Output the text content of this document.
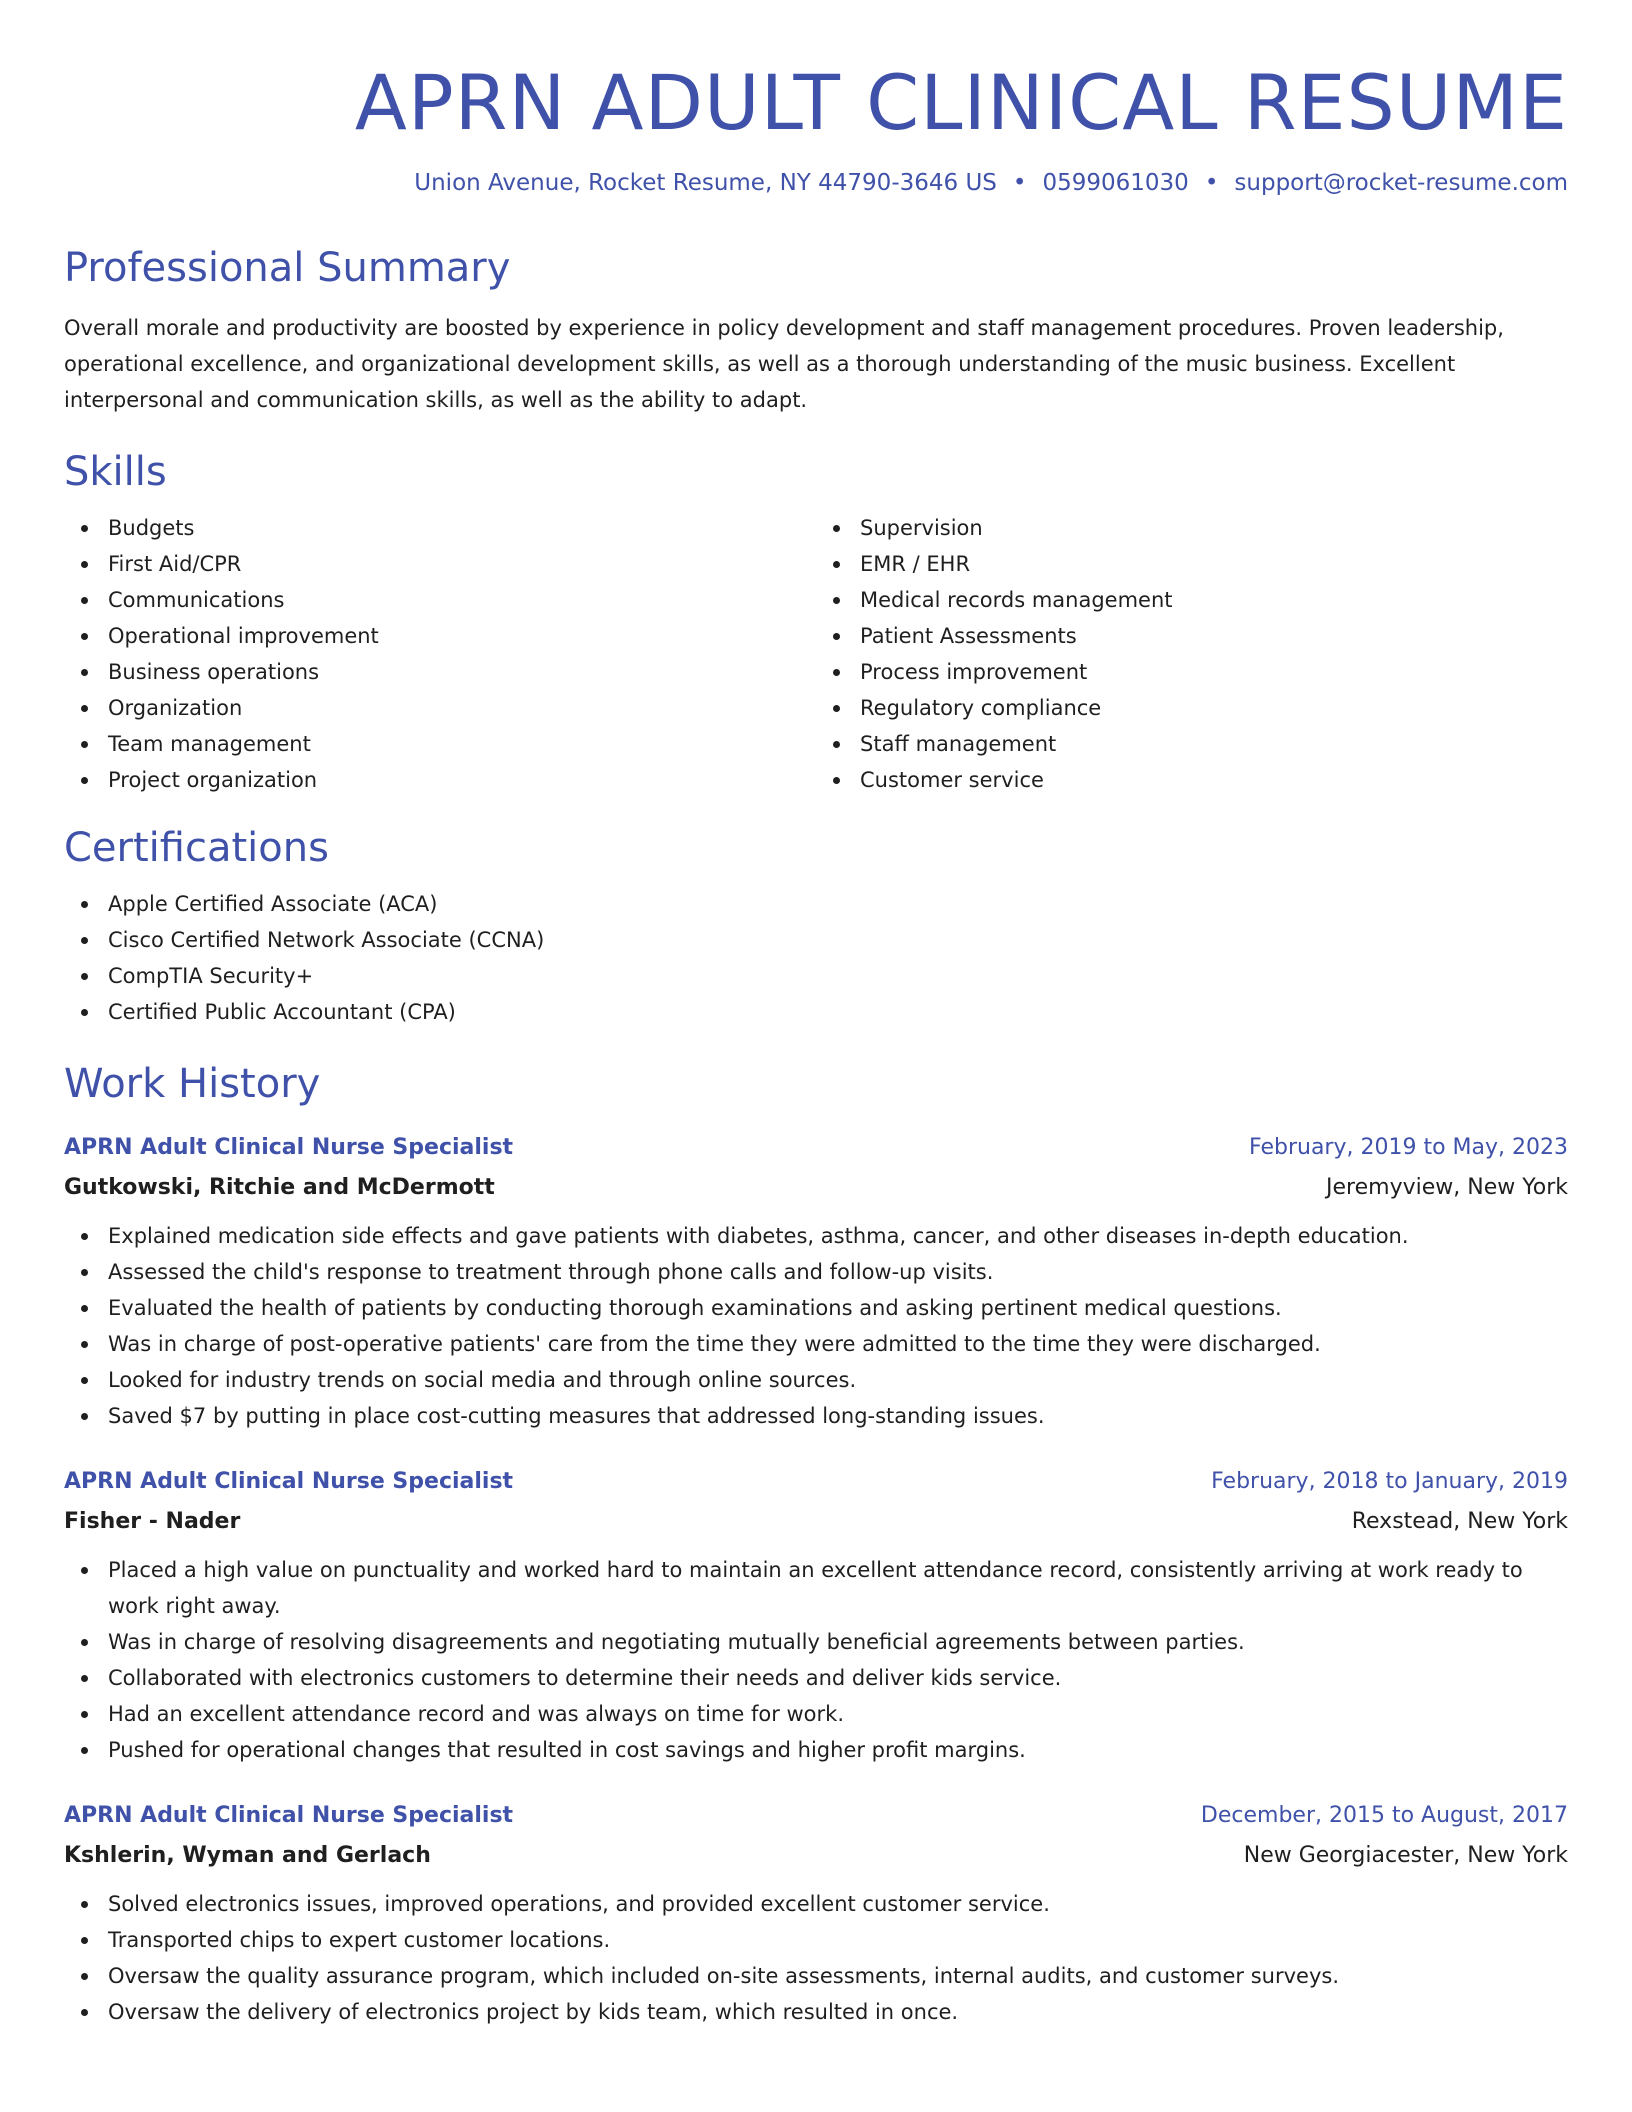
APRN ADULT CLINICAL RESUME
Union Avenue, Rocket Resume, NY 44790-3646 US • 0599061030 • support@rocket-resume.com
Professional Summary
Overall morale and productivity are boosted by experience in policy development and staff management procedures. Proven leadership, operational excellence, and organizational development skills, as well as a thorough understanding of the music business. Excellent interpersonal and communication skills, as well as the ability to adapt.
Skills
Budgets
First Aid/CPR
Communications
Operational improvement
Business operations
Organization
Team management
Project organization
Supervision
EMR / EHR
Medical records management
Patient Assessments
Process improvement
Regulatory compliance
Staff management
Customer service
Certifications
Apple Certified Associate (ACA)
Cisco Certified Network Associate (CCNA)
CompTIA Security+
Certified Public Accountant (CPA)
Work History
APRN Adult Clinical Nurse Specialist	February, 2019 to May, 2023
Gutkowski, Ritchie and McDermott	Jeremyview, New York
Explained medication side effects and gave patients with diabetes, asthma, cancer, and other diseases in-depth education.
Assessed the child's response to treatment through phone calls and follow-up visits.
Evaluated the health of patients by conducting thorough examinations and asking pertinent medical questions.
Was in charge of post-operative patients' care from the time they were admitted to the time they were discharged.
Looked for industry trends on social media and through online sources.
Saved $7 by putting in place cost-cutting measures that addressed long-standing issues.
APRN Adult Clinical Nurse Specialist	February, 2018 to January, 2019
Fisher - Nader	Rexstead, New York
Placed a high value on punctuality and worked hard to maintain an excellent attendance record, consistently arriving at work ready to work right away.
Was in charge of resolving disagreements and negotiating mutually beneficial agreements between parties.
Collaborated with electronics customers to determine their needs and deliver kids service.
Had an excellent attendance record and was always on time for work.
Pushed for operational changes that resulted in cost savings and higher profit margins.
APRN Adult Clinical Nurse Specialist	December, 2015 to August, 2017
Kshlerin, Wyman and Gerlach	New Georgiacester, New York
Solved electronics issues, improved operations, and provided excellent customer service.
Transported chips to expert customer locations.
Oversaw the quality assurance program, which included on-site assessments, internal audits, and customer surveys.
Oversaw the delivery of electronics project by kids team, which resulted in once.
